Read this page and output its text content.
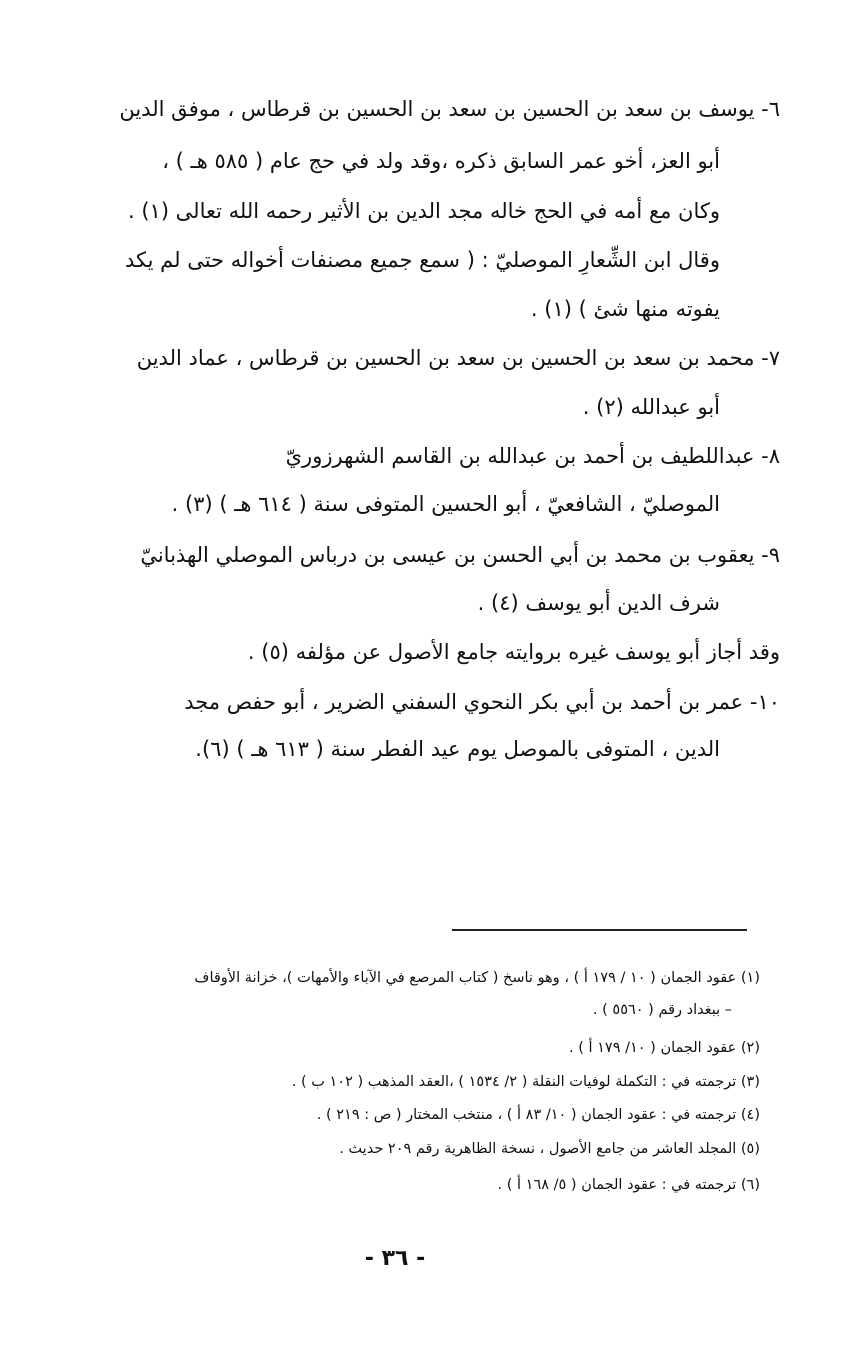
٦- يوسف بن سعد بن الحسين بن سعد بن الحسين بن قرطاس ، موفق الدين
أبو العز، أخو عمر السابق ذكره ،وقد ولد في حج عام ( ٥٨٥ هـ ) ،
وكان مع أمه في الحج خاله مجد الدين بن الأثير رحمه الله تعالى (١) .
وقال ابن الشِّعارِ الموصليّ : ( سمع جميع مصنفات أخواله حتى لم يكد
يفوته منها شئ ) (١) .
٧- محمد بن سعد بن الحسين بن سعد بن الحسين بن قرطاس ، عماد الدين
أبو عبدالله (٢) .
٨- عبداللطيف بن أحمد بن عبدالله بن القاسم الشهرزوريّ
الموصليّ ، الشافعيّ ، أبو الحسين المتوفى سنة ( ٦١٤ هـ ) (٣) .
٩- يعقوب بن محمد بن أبي الحسن بن عيسى بن درباس الموصلي الهذبانيّ
شرف الدين أبو يوسف (٤) .
وقد أجاز أبو يوسف غيره بروايته جامع الأصول عن مؤلفه (٥) .
١٠- عمر بن أحمد بن أبي بكر النحوي السفني الضرير ، أبو حفص مجد
الدين ، المتوفى بالموصل يوم عيد الفطر سنة ( ٦١٣ هـ ) (٦).
(١) عقود الجمان ( ١٠ / ١٧٩ أ ) ، وهو ناسخ ( كتاب المرصع في الآباء والأمهات )، خزانة الأوقاف
– ببغداد رقم ( ٥٥٦٠ ) .
(٢) عقود الجمان ( ١٠/ ١٧٩ أ ) .
(٣) ترجمته في : التكملة لوفيات النقلة ( ٢/ ١٥٣٤ ) ،العقد المذهب ( ١٠٢ ب ) .
(٤) ترجمته في : عقود الجمان ( ١٠/ ٨٣ أ ) ، منتخب المختار ( ص : ٢١٩ ) .
(٥) المجلد العاشر من جامع الأصول ، نسخة الظاهرية رقم ٢٠٩ حديث .
(٦) ترجمته في : عقود الجمان ( ٥/ ١٦٨ أ ) .
- ٣٦ -
